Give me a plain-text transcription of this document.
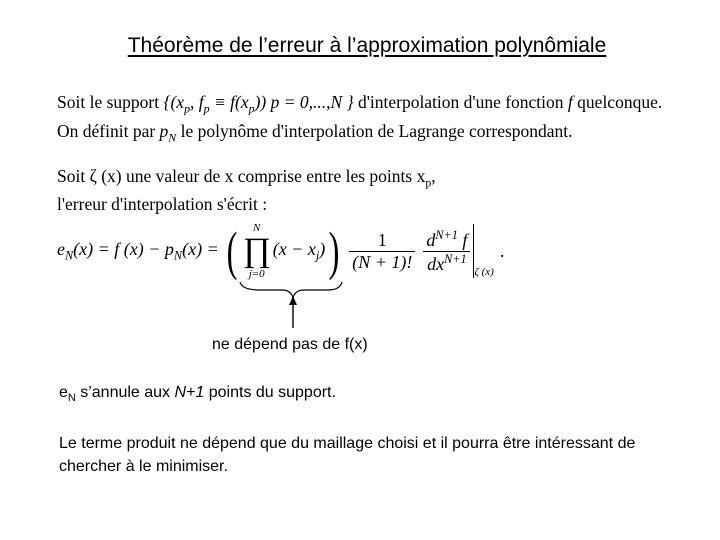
Théorème de l’erreur à l’approximation polynômiale
Soit le support {($x_p$, $f_p \equiv f(x_p)$) p = 0,...,N } d'interpolation d'une fonction f quelconque.
On définit par $p_N$ le polynôme d'interpolation de Lagrange correspondant.
Soit ζ (x) une valeur de x comprise entre les points $x_p$,
l'erreur d'interpolation s'écrit :
$e_N(x) = f$ $(x) - p_N(x)$ = ( N
∏
j=0
$(x - x_j)$ ) $\frac{1}{(N + 1)!} \frac{d^{N+1} f}{dx^{N+1}}$ ζ (x)
.
ne dépend pas de f(x)
$e_N$ s’annule aux N+1 points du support.
Le terme produit ne dépend que du maillage choisi et il pourra être intéressant de chercher à le minimiser.
